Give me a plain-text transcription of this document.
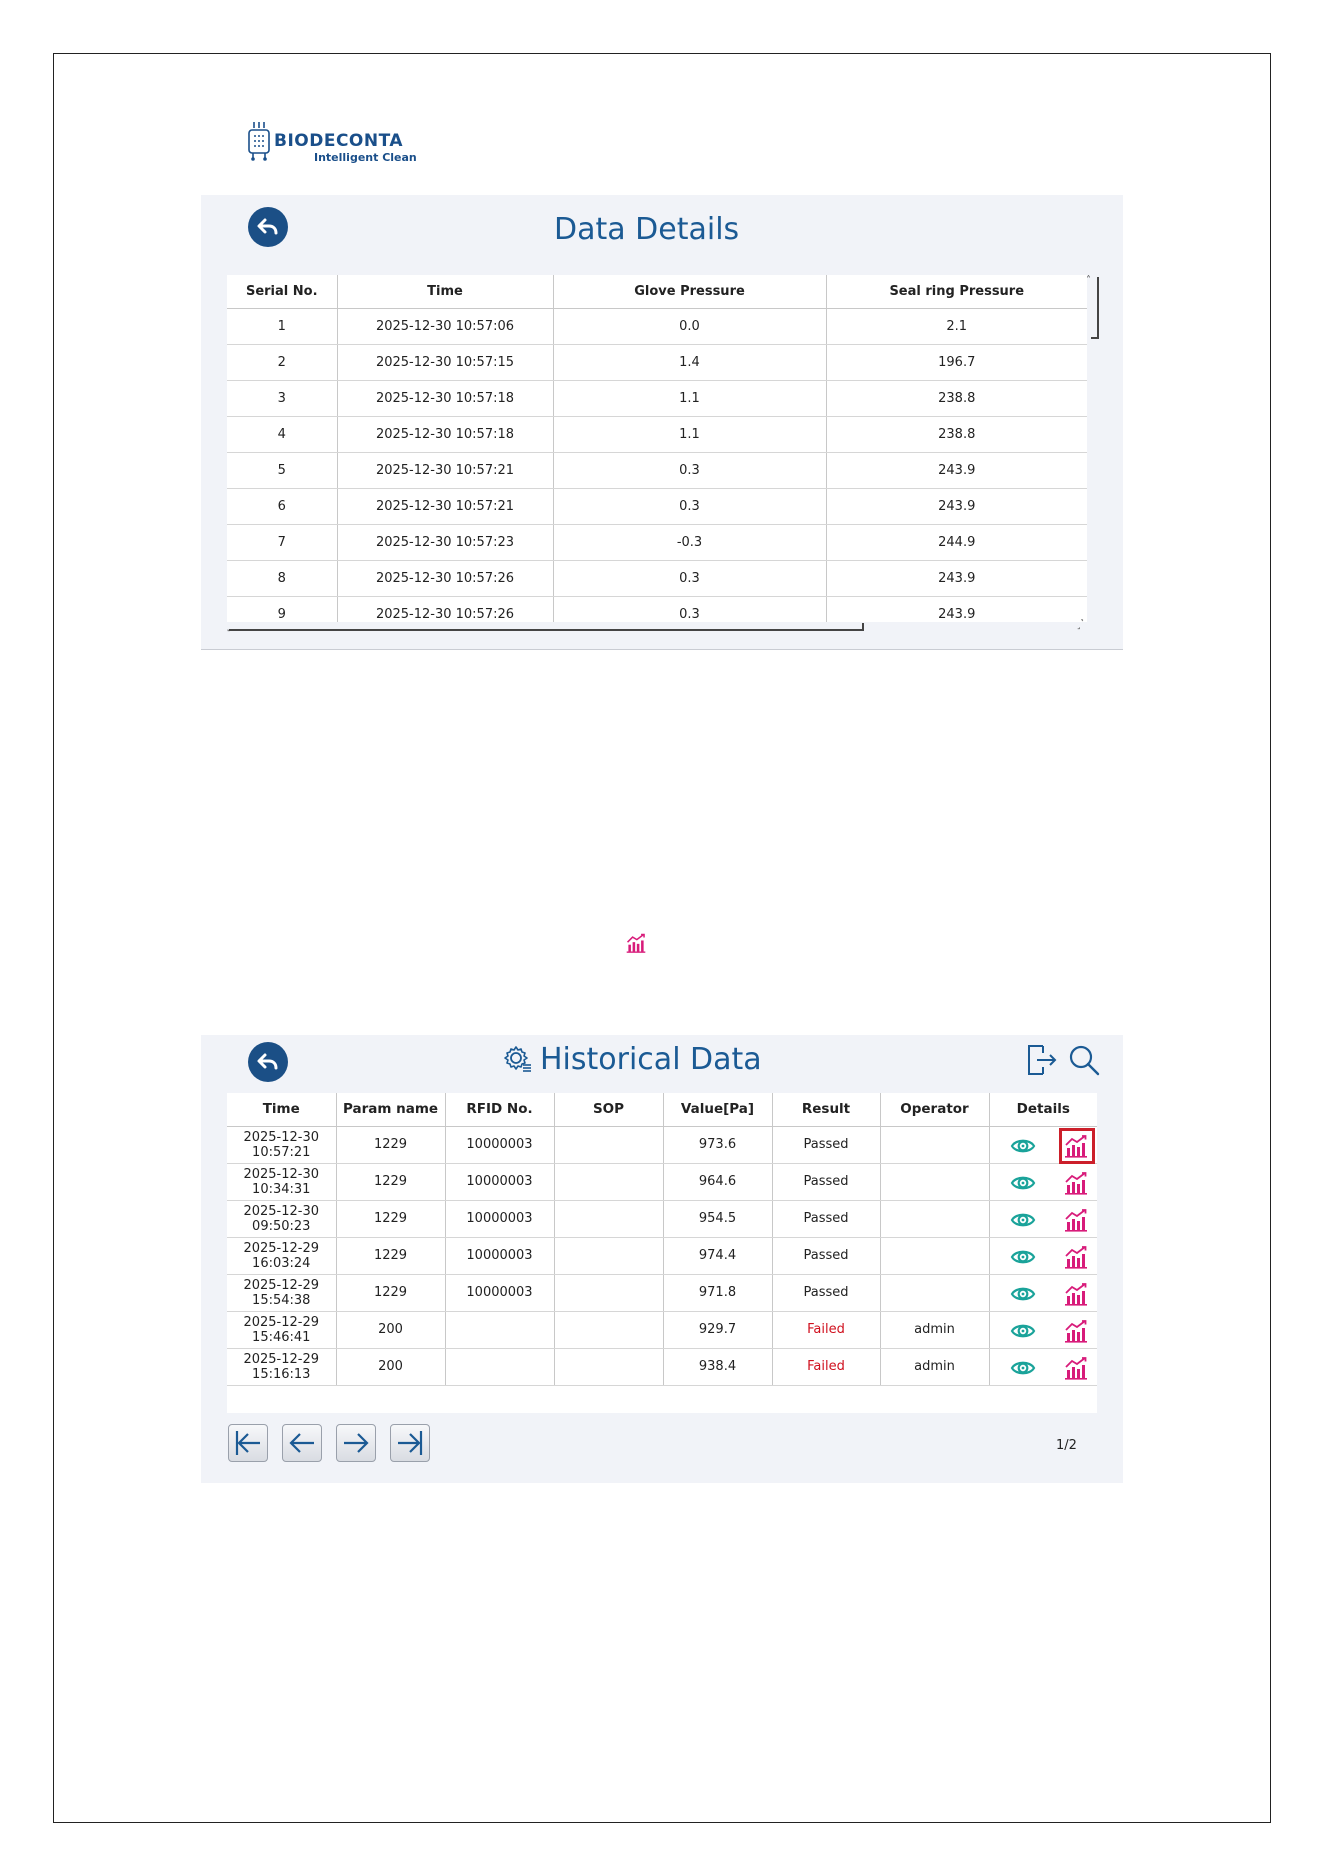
BIODECONTA
Intelligent Clean
Data Details
Serial No.	Time	Glove Pressure	Seal ring Pressure
1	2025-12-30 10:57:06	0.0	2.1
2	2025-12-30 10:57:15	1.4	196.7
3	2025-12-30 10:57:18	1.1	238.8
4	2025-12-30 10:57:18	1.1	238.8
5	2025-12-30 10:57:21	0.3	243.9
6	2025-12-30 10:57:21	0.3	243.9
7	2025-12-30 10:57:23	-0.3	244.9
8	2025-12-30 10:57:26	0.3	243.9
9	2025-12-30 10:57:26	0.3	243.9
˄
˻	˼˺
Historical Data
Time	Param name	RFID No.	SOP	Value[Pa]	Result	Operator	Details

2025-12-30
10:57:21	1229	10000003		973.6	Passed		

2025-12-30
10:34:31	1229	10000003		964.6	Passed		

2025-12-30
09:50:23	1229	10000003		954.5	Passed		

2025-12-29
16:03:24	1229	10000003		974.4	Passed		

2025-12-29
15:54:38	1229	10000003		971.8	Passed		

2025-12-29
15:46:41	200			929.7	Failed	admin	

2025-12-29
15:16:13	200			938.4	Failed	admin	
1/2
